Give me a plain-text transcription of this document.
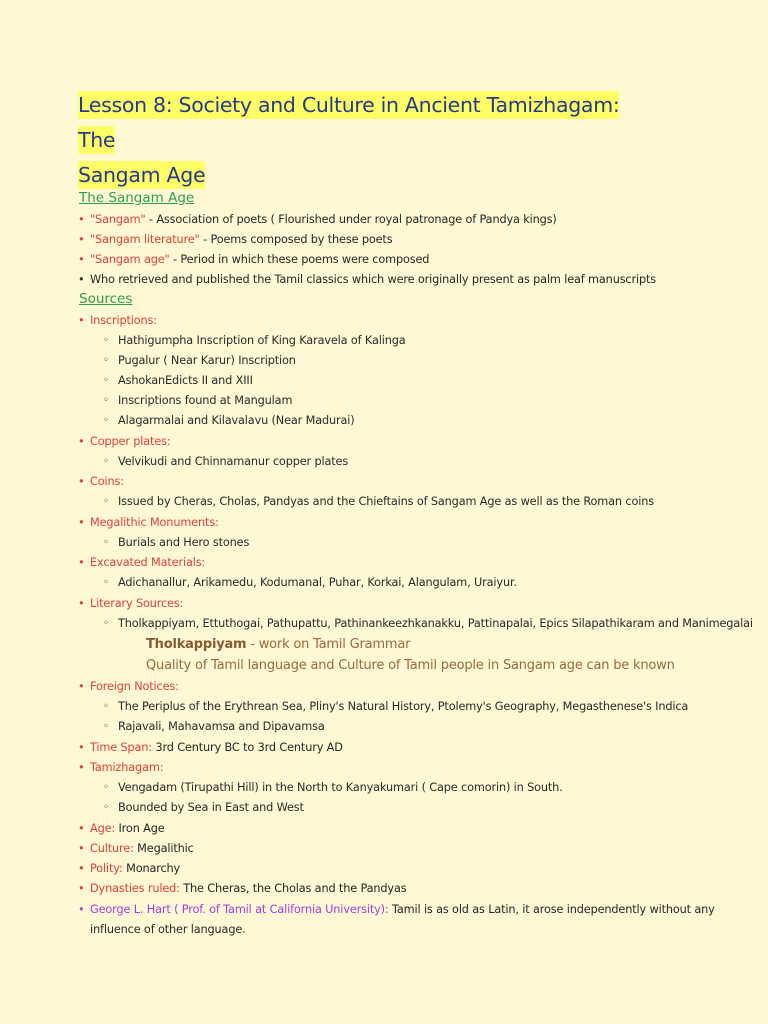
Lesson 8: Society and Culture in Ancient Tamizhagam: The
Sangam Age
The Sangam Age
• "Sangam" - Association of poets ( Flourished under royal patronage of Pandya kings)
• "Sangam literature" - Poems composed by these poets
• "Sangam age" - Period in which these poems were composed
• Who retrieved and published the Tamil classics which were originally present as palm leaf manuscripts
Sources
• Inscriptions:
◦ Hathigumpha Inscription of King Karavela of Kalinga
◦ Pugalur ( Near Karur) Inscription
◦ AshokanEdicts II and XIII
◦ Inscriptions found at Mangulam
◦ Alagarmalai and Kilavalavu (Near Madurai)
• Copper plates:
◦ Velvikudi and Chinnamanur copper plates
• Coins:
◦ Issued by Cheras, Cholas, Pandyas and the Chieftains of Sangam Age as well as the Roman coins
• Megalithic Monuments:
◦ Burials and Hero stones
• Excavated Materials:
◦ Adichanallur, Arikamedu, Kodumanal, Puhar, Korkai, Alangulam, Uraiyur.
• Literary Sources:
◦ Tholkappiyam, Ettuthogai, Pathupattu, Pathinankeezhkanakku, Pattinapalai, Epics Silapathikaram and Manimegalai
Tholkappiyam - work on Tamil Grammar
Quality of Tamil language and Culture of Tamil people in Sangam age can be known
• Foreign Notices:
◦ The Periplus of the Erythrean Sea, Pliny's Natural History, Ptolemy's Geography, Megasthenese's Indica
◦ Rajavali, Mahavamsa and Dipavamsa
• Time Span: 3rd Century BC to 3rd Century AD
• Tamizhagam:
◦ Vengadam (Tirupathi Hill) in the North to Kanyakumari ( Cape comorin) in South.
◦ Bounded by Sea in East and West
• Age: Iron Age
• Culture: Megalithic
• Polity: Monarchy
• Dynasties ruled: The Cheras, the Cholas and the Pandyas
• George L. Hart ( Prof. of Tamil at California University): Tamil is as old as Latin, it arose independently without any
influence of other language.
